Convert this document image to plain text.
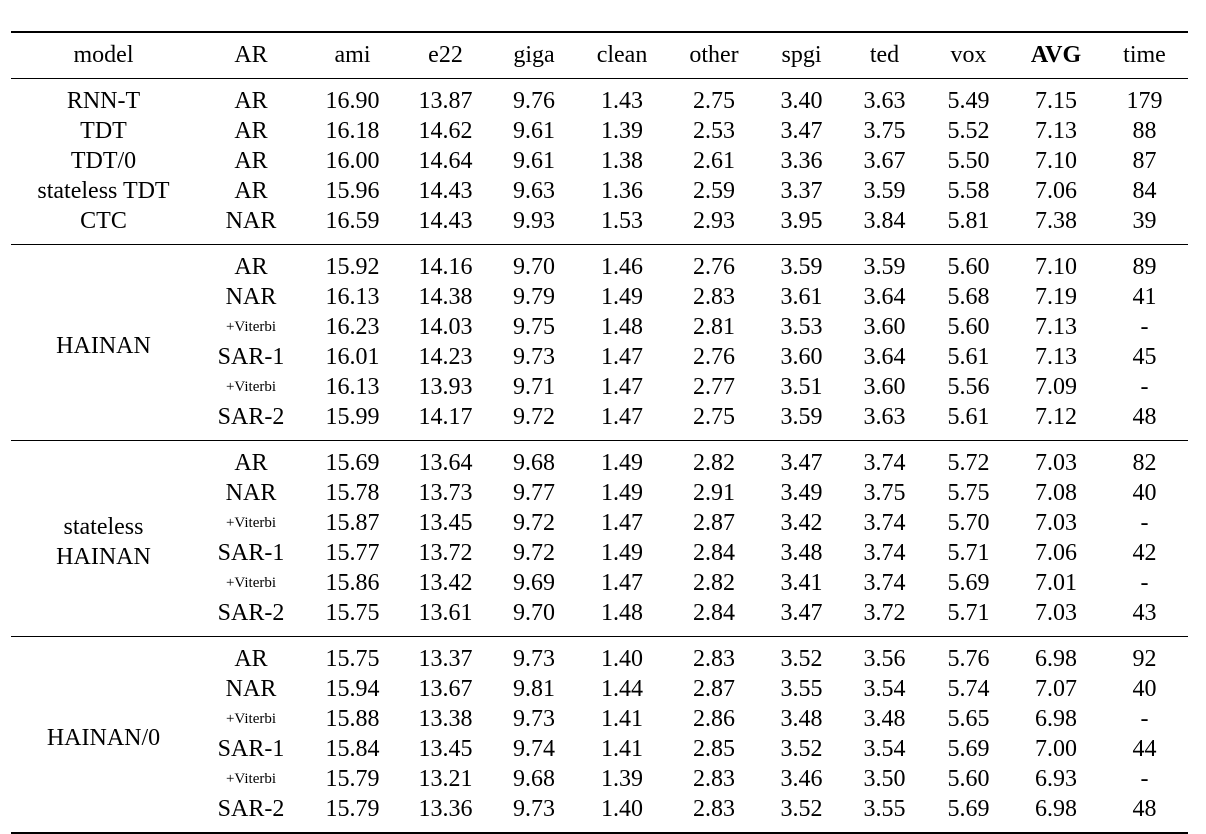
model	AR	ami	e22	giga	clean	other	spgi	ted	vox	AVG	time
RNN-T	AR	16.90	13.87	9.76	1.43	2.75	3.40	3.63	5.49	7.15	179
TDT	AR	16.18	14.62	9.61	1.39	2.53	3.47	3.75	5.52	7.13	88
TDT/0	AR	16.00	14.64	9.61	1.38	2.61	3.36	3.67	5.50	7.10	87
stateless TDT	AR	15.96	14.43	9.63	1.36	2.59	3.37	3.59	5.58	7.06	84
CTC	NAR	16.59	14.43	9.93	1.53	2.93	3.95	3.84	5.81	7.38	39

HAINAN	AR	15.92	14.16	9.70	1.46	2.76	3.59	3.59	5.60	7.10	89
	NAR	16.13	14.38	9.79	1.49	2.83	3.61	3.64	5.68	7.19	41
	+Viterbi	16.23	14.03	9.75	1.48	2.81	3.53	3.60	5.60	7.13	-
	SAR-1	16.01	14.23	9.73	1.47	2.76	3.60	3.64	5.61	7.13	45
	+Viterbi	16.13	13.93	9.71	1.47	2.77	3.51	3.60	5.56	7.09	-
	SAR-2	15.99	14.17	9.72	1.47	2.75	3.59	3.63	5.61	7.12	48

stateless
HAINAN	AR	15.69	13.64	9.68	1.49	2.82	3.47	3.74	5.72	7.03	82
	NAR	15.78	13.73	9.77	1.49	2.91	3.49	3.75	5.75	7.08	40
	+Viterbi	15.87	13.45	9.72	1.47	2.87	3.42	3.74	5.70	7.03	-
	SAR-1	15.77	13.72	9.72	1.49	2.84	3.48	3.74	5.71	7.06	42
	+Viterbi	15.86	13.42	9.69	1.47	2.82	3.41	3.74	5.69	7.01	-
	SAR-2	15.75	13.61	9.70	1.48	2.84	3.47	3.72	5.71	7.03	43

HAINAN/0	AR	15.75	13.37	9.73	1.40	2.83	3.52	3.56	5.76	6.98	92
	NAR	15.94	13.67	9.81	1.44	2.87	3.55	3.54	5.74	7.07	40
	+Viterbi	15.88	13.38	9.73	1.41	2.86	3.48	3.48	5.65	6.98	-
	SAR-1	15.84	13.45	9.74	1.41	2.85	3.52	3.54	5.69	7.00	44
	+Viterbi	15.79	13.21	9.68	1.39	2.83	3.46	3.50	5.60	6.93	-
	SAR-2	15.79	13.36	9.73	1.40	2.83	3.52	3.55	5.69	6.98	48
